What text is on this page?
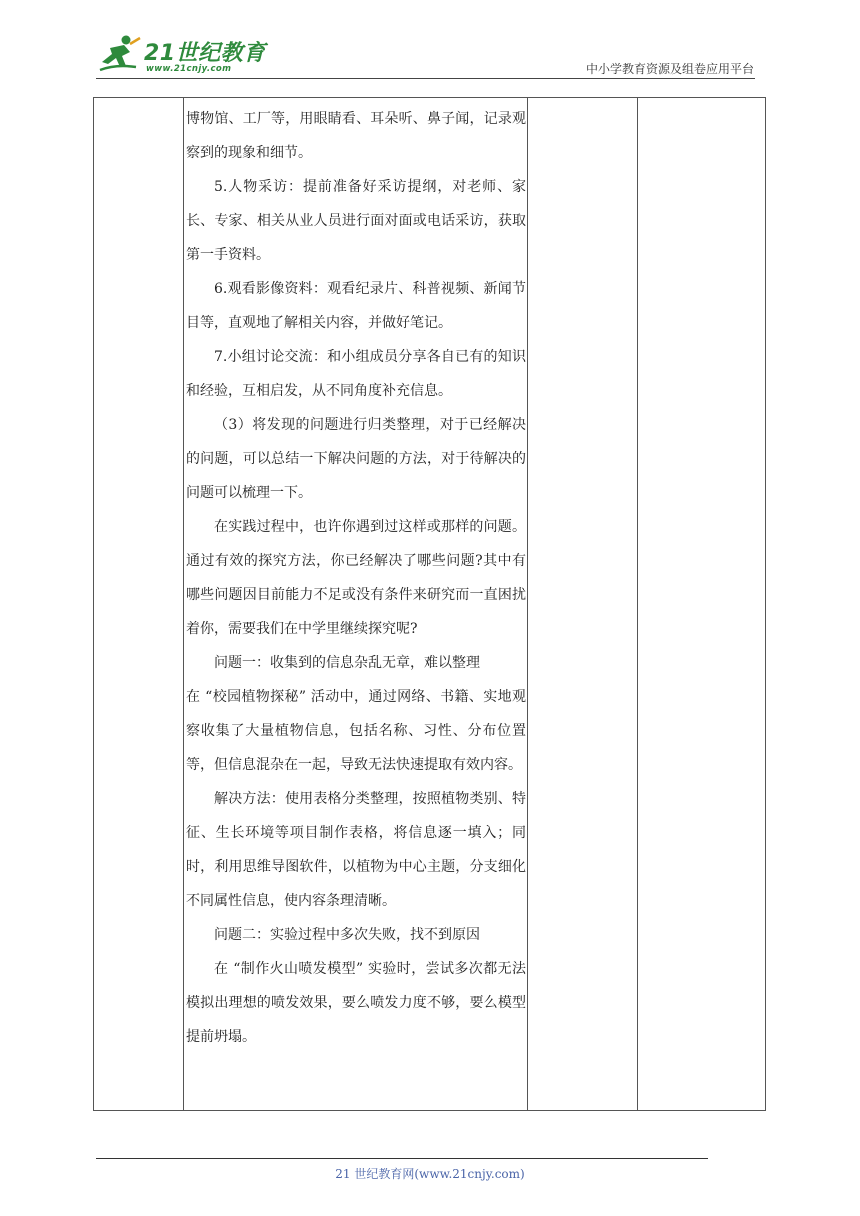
21世纪教育
www.21cnjy.com	中小学教育资源及组卷应用平台

博物馆、工厂等，用眼睛看、耳朵听、鼻子闻，记录观察到的现象和细节。

5.人物采访：提前准备好采访提纲，对老师、家长、专家、相关从业人员进行面对面或电话采访，获取第一手资料。

6.观看影像资料：观看纪录片、科普视频、新闻节目等，直观地了解相关内容，并做好笔记。

7.小组讨论交流：和小组成员分享各自已有的知识和经验，互相启发，从不同角度补充信息。

（3）将发现的问题进行归类整理，对于已经解决的问题，可以总结一下解决问题的方法，对于待解决的问题可以梳理一下。

在实践过程中，也许你遇到过这样或那样的问题。通过有效的探究方法，你已经解决了哪些问题?其中有哪些问题因目前能力不足或没有条件来研究而一直困扰着你，需要我们在中学里继续探究呢?

问题一：收集到的信息杂乱无章，难以整理

在 “校园植物探秘” 活动中，通过网络、书籍、实地观察收集了大量植物信息，包括名称、习性、分布位置等，但信息混杂在一起，导致无法快速提取有效内容。

解决方法：使用表格分类整理，按照植物类别、特征、生长环境等项目制作表格，将信息逐一填入；同时，利用思维导图软件，以植物为中心主题，分支细化不同属性信息，使内容条理清晰。

问题二：实验过程中多次失败，找不到原因

在 “制作火山喷发模型” 实验时，尝试多次都无法模拟出理想的喷发效果，要么喷发力度不够，要么模型提前坍塌。

21 世纪教育网(www.21cnjy.com)
